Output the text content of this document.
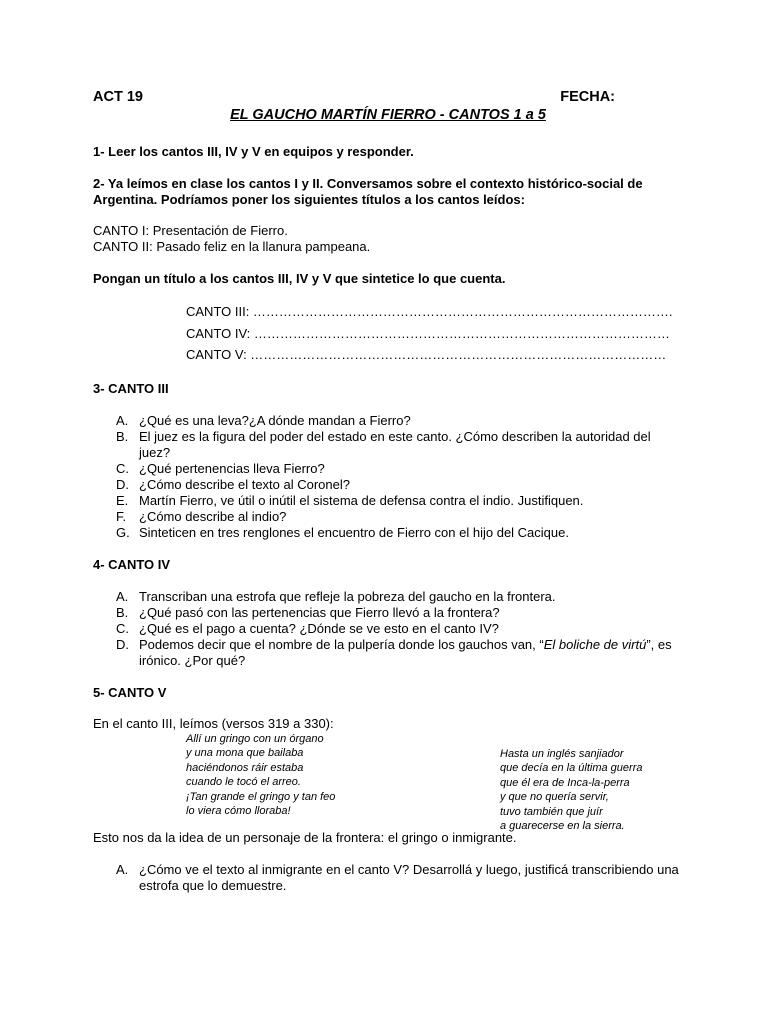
ACT 19	FECHA:
EL GAUCHO MARTÍN FIERRO - CANTOS 1 a 5

1- Leer los cantos III, IV y V en equipos y responder.

2- Ya leímos en clase los cantos I y II. Conversamos sobre el contexto histórico-social de Argentina. Podríamos poner los siguientes títulos a los cantos leídos:

CANTO I: Presentación de Fierro.

CANTO II: Pasado feliz en la llanura pampeana.

Pongan un título a los cantos III, IV y V que sintetice lo que cuenta.

CANTO III: …………………………………………………………………………………….

CANTO IV: ……………………………………………………………………………………

CANTO V: ……………………………………………………………………………………

3- CANTO III

A. ¿Qué es una leva?¿A dónde mandan a Fierro?
B. El juez es la figura del poder del estado en este canto. ¿Cómo describen la autoridad del juez?
C. ¿Qué pertenencias lleva Fierro?
D. ¿Cómo describe el texto al Coronel?
E. Martín Fierro, ve útil o inútil el sistema de defensa contra el indio. Justifiquen.
F. ¿Cómo describe al indio?
G. Sinteticen en tres renglones el encuentro de Fierro con el hijo del Cacique.

4- CANTO IV

A. Transcriban una estrofa que refleje la pobreza del gaucho en la frontera.
B. ¿Qué pasó con las pertenencias que Fierro llevó a la frontera?
C. ¿Qué es el pago a cuenta? ¿Dónde se ve esto en el canto IV?
D. Podemos decir que el nombre de la pulpería donde los gauchos van, “El boliche de virtú”, es irónico. ¿Por qué?

5- CANTO V

En el canto III, leímos (versos 319 a 330):

Allí un gringo con un órgano

y una mona que bailaba

haciéndonos ráir estaba

cuando le tocó el arreo.

¡Tan grande el gringo y tan feo

lo viera cómo lloraba!

Hasta un inglés sanjiador

que decía en la última guerra

que él era de Inca-la-perra

y que no quería servir,

tuvo también que juír

a guarecerse en la sierra.

Esto nos da la idea de un personaje de la frontera: el gringo o inmigrante.

A. ¿Cómo ve el texto al inmigrante en el canto V? Desarrollá y luego, justificá transcribiendo una estrofa que lo demuestre.
